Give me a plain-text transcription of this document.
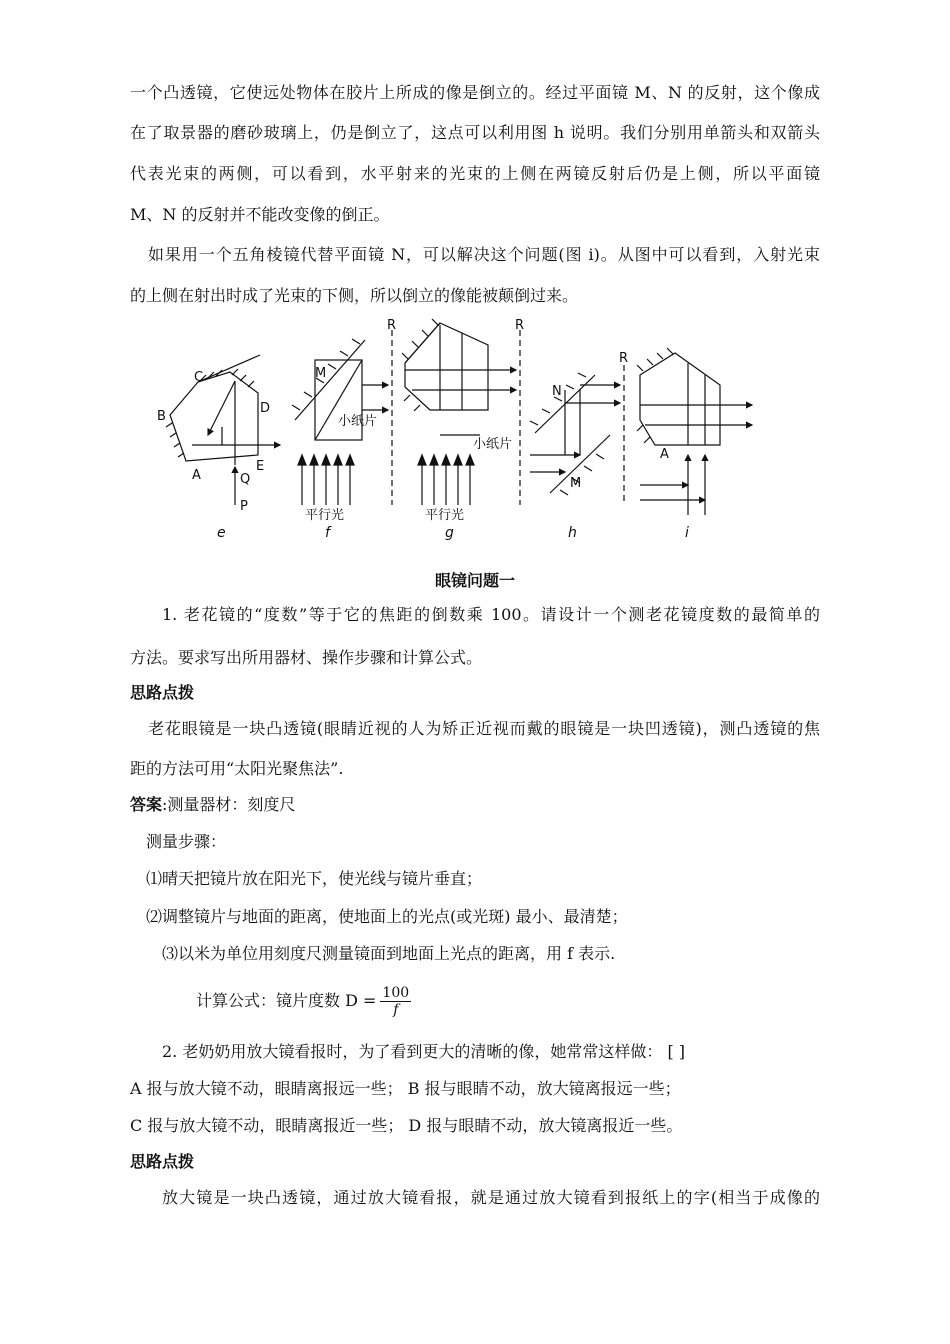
一个凸透镜，它使远处物体在胶片上所成的像是倒立的。经过平面镜 M、N 的反射，这个像成
在了取景器的磨砂玻璃上，仍是倒立了，这点可以利用图 h 说明。我们分别用单箭头和双箭头
代表光束的两侧，可以看到，水平射来的光束的上侧在两镜反射后仍是上侧，所以平面镜
M、N 的反射并不能改变像的倒正。
如果用一个五角棱镜代替平面镜 N，可以解决这个问题(图 i)。从图中可以看到，入射光束
的上侧在射出时成了光束的下侧，所以倒立的像能被颠倒过来。
C
B
D
A
E
Q
P
M
R
小纸片
平行光
R
小纸片
平行光
N
M
R
A
e	f	g	h	i
眼镜问题一
1. 老花镜的“度数”等于它的焦距的倒数乘 100。请设计一个测老花镜度数的最简单的
方法。要求写出所用器材、操作步骤和计算公式。
思路点拨
老花眼镜是一块凸透镜(眼睛近视的人为矫正近视而戴的眼镜是一块凹透镜)，测凸透镜的焦
距的方法可用“太阳光聚焦法”.
答案:测量器材：刻度尺
测量步骤：
⑴晴天把镜片放在阳光下，使光线与镜片垂直；
⑵调整镜片与地面的距离，使地面上的光点(或光斑) 最小、最清楚；
⑶以米为单位用刻度尺测量镜面到地面上光点的距离，用 f 表示.
计算公式：镜片度数 $D = \frac{100}{f}$
2. 老奶奶用放大镜看报时，为了看到更大的清晰的像，她常常这样做： [ ]
A 报与放大镜不动，眼睛离报远一些； B 报与眼睛不动，放大镜离报远一些；
C 报与放大镜不动，眼睛离报近一些； D 报与眼睛不动，放大镜离报近一些。
思路点拨
放大镜是一块凸透镜，通过放大镜看报，就是通过放大镜看到报纸上的字(相当于成像的
